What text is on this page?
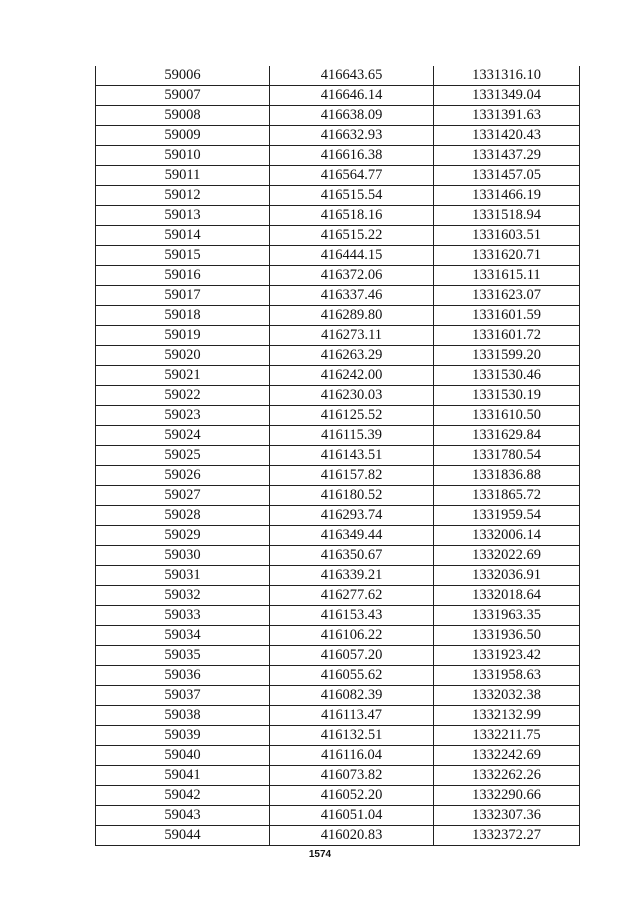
59006	416643.65	1331316.10
59007	416646.14	1331349.04
59008	416638.09	1331391.63
59009	416632.93	1331420.43
59010	416616.38	1331437.29
59011	416564.77	1331457.05
59012	416515.54	1331466.19
59013	416518.16	1331518.94
59014	416515.22	1331603.51
59015	416444.15	1331620.71
59016	416372.06	1331615.11
59017	416337.46	1331623.07
59018	416289.80	1331601.59
59019	416273.11	1331601.72
59020	416263.29	1331599.20
59021	416242.00	1331530.46
59022	416230.03	1331530.19
59023	416125.52	1331610.50
59024	416115.39	1331629.84
59025	416143.51	1331780.54
59026	416157.82	1331836.88
59027	416180.52	1331865.72
59028	416293.74	1331959.54
59029	416349.44	1332006.14
59030	416350.67	1332022.69
59031	416339.21	1332036.91
59032	416277.62	1332018.64
59033	416153.43	1331963.35
59034	416106.22	1331936.50
59035	416057.20	1331923.42
59036	416055.62	1331958.63
59037	416082.39	1332032.38
59038	416113.47	1332132.99
59039	416132.51	1332211.75
59040	416116.04	1332242.69
59041	416073.82	1332262.26
59042	416052.20	1332290.66
59043	416051.04	1332307.36
59044	416020.83	1332372.27
1574
